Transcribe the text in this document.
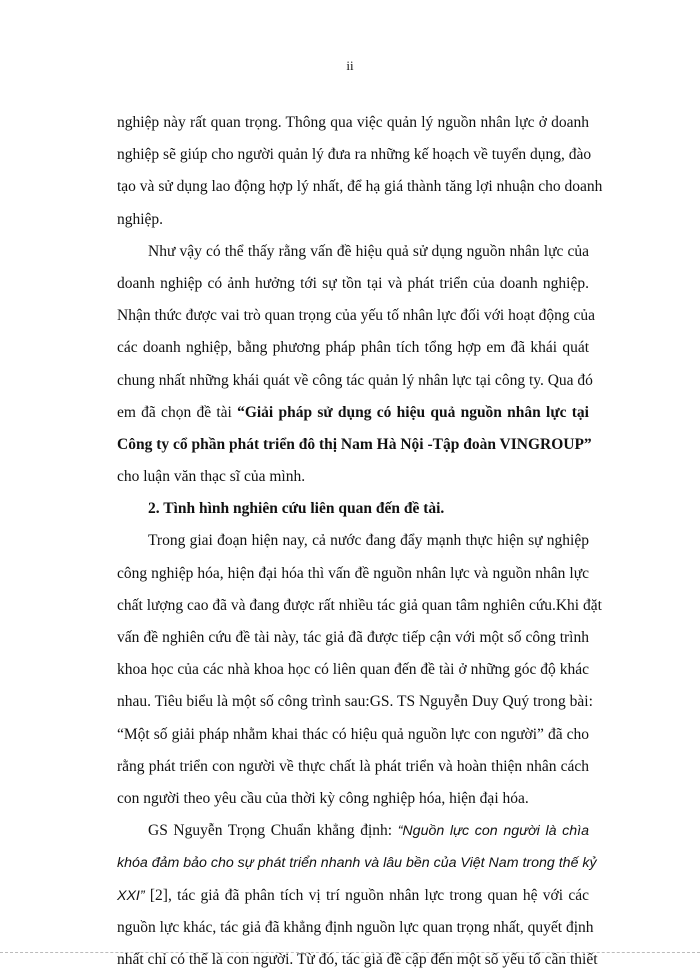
ii
nghiệp này rất quan trọng. Thông qua việc quản lý nguồn nhân lực ở doanh
nghiệp sẽ giúp cho người quản lý đưa ra những kế hoạch về tuyển dụng, đào
tạo và sử dụng lao động hợp lý nhất, để hạ giá thành tăng lợi nhuận cho doanh
nghiệp.
Như vậy có thể thấy rằng vấn đề hiệu quả sử dụng nguồn nhân lực của
doanh nghiệp có ảnh hưởng tới sự tồn tại và phát triển của doanh nghiệp.
Nhận thức được vai trò quan trọng của yếu tố nhân lực đối với hoạt động của
các doanh nghiệp, bằng phương pháp phân tích tổng hợp em đã khái quát
chung nhất những khái quát về công tác quản lý nhân lực tại công ty. Qua đó
em đã chọn đề tài “Giải pháp sử dụng có hiệu quả nguồn nhân lực tại
Công ty cổ phần phát triển đô thị Nam Hà Nội -Tập đoàn VINGROUP”
cho luận văn thạc sĩ của mình.
2. Tình hình nghiên cứu liên quan đến đề tài.
Trong giai đoạn hiện nay, cả nước đang đẩy mạnh thực hiện sự nghiệp
công nghiệp hóa, hiện đại hóa thì vấn đề nguồn nhân lực và nguồn nhân lực
chất lượng cao đã và đang được rất nhiều tác giả quan tâm nghiên cứu.Khi đặt
vấn đề nghiên cứu đề tài này, tác giả đã được tiếp cận với một số công trình
khoa học của các nhà khoa học có liên quan đến đề tài ở những góc độ khác
nhau. Tiêu biểu là một số công trình sau:GS. TS Nguyễn Duy Quý trong bài:
“Một số giải pháp nhằm khai thác có hiệu quả nguồn lực con người” đã cho
rằng phát triển con người về thực chất là phát triển và hoàn thiện nhân cách
con người theo yêu cầu của thời kỳ công nghiệp hóa, hiện đại hóa.
GS Nguyễn Trọng Chuẩn khẳng định: “Nguồn lực con người là chìa
khóa đảm bảo cho sự phát triển nhanh và lâu bền của Việt Nam trong thế kỷ
XXI” [2], tác giả đã phân tích vị trí nguồn nhân lực trong quan hệ với các
nguồn lực khác, tác giả đã khẳng định nguồn lực quan trọng nhất, quyết định
nhất chỉ có thể là con người. Từ đó, tác giả đề cập đến một số yếu tố cần thiết
